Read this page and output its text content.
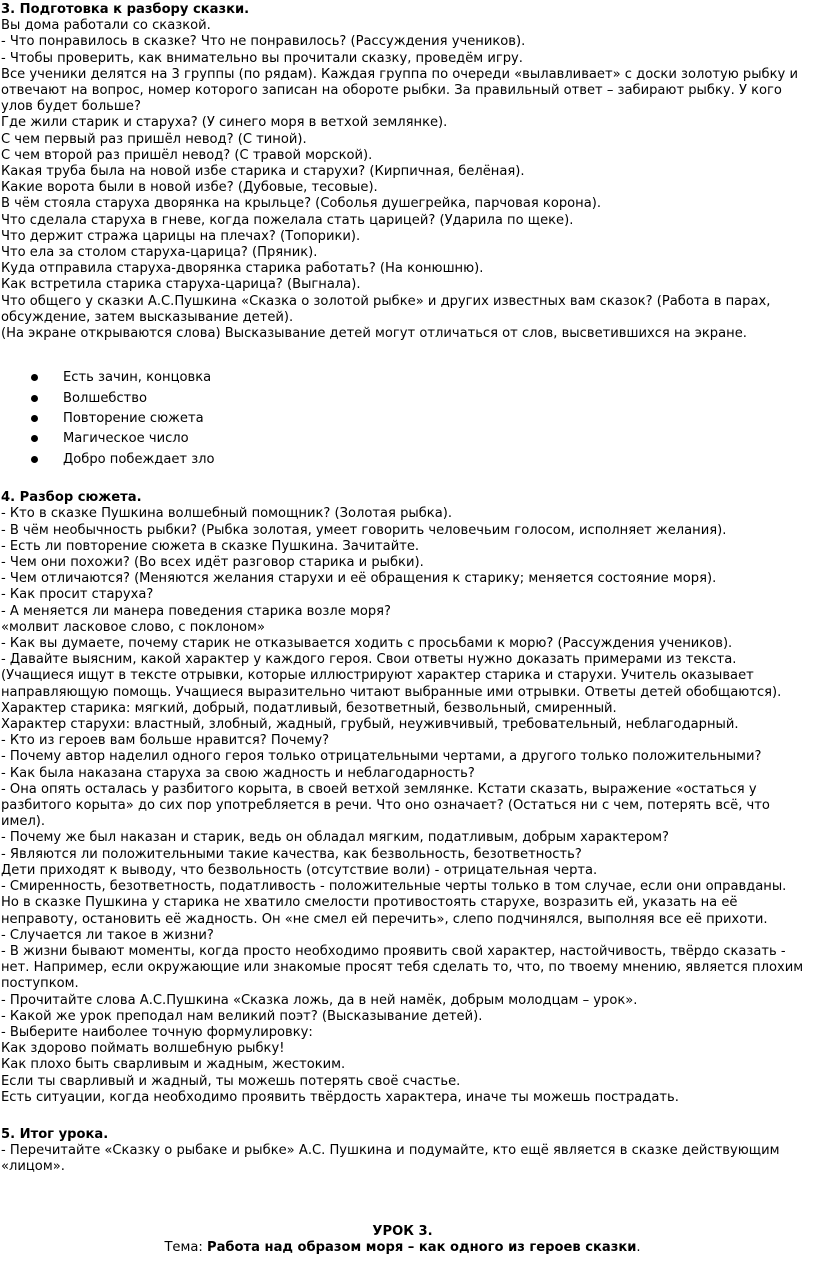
3. Подготовка к разбору сказки.

Вы дома работали со сказкой.

- Что понравилось в сказке? Что не понравилось? (Рассуждения учеников).

- Чтобы проверить, как внимательно вы прочитали сказку, проведём игру.

Все ученики делятся на 3 группы (по рядам). Каждая группа по очереди «вылавливает» с доски золотую рыбку и отвечают на вопрос, номер которого записан на обороте рыбки. За правильный ответ – забирают рыбку. У кого улов будет больше?

Где жили старик и старуха? (У синего моря в ветхой землянке).

С чем первый раз пришёл невод? (С тиной).

С чем второй раз пришёл невод? (С травой морской).

Какая труба была на новой избе старика и старухи? (Кирпичная, белёная).

Какие ворота были в новой избе? (Дубовые, тесовые).

В чём стояла старуха дворянка на крыльце? (Соболья душегрейка, парчовая корона).

Что сделала старуха в гневе, когда пожелала стать царицей? (Ударила по щеке).

Что держит стража царицы на плечах? (Топорики).

Что ела за столом старуха-царица? (Пряник).

Куда отправила старуха-дворянка старика работать? (На конюшню).

Как встретила старика старуха-царица? (Выгнала).

Что общего у сказки А.С.Пушкина «Сказка о золотой рыбке» и других известных вам сказок? (Работа в парах, обсуждение, затем высказывание детей).

(На экране открываются слова) Высказывание детей могут отличаться от слов, высветившихся на экране.

Есть зачин, концовка
Волшебство
Повторение сюжета
Магическое число
Добро побеждает зло

4. Разбор сюжета.

- Кто в сказке Пушкина волшебный помощник? (Золотая рыбка).

- В чём необычность рыбки? (Рыбка золотая, умеет говорить человечьим голосом, исполняет желания).

- Есть ли повторение сюжета в сказке Пушкина. Зачитайте.

- Чем они похожи? (Во всех идёт разговор старика и рыбки).

- Чем отличаются? (Меняются желания старухи и её обращения к старику; меняется состояние моря).

- Как просит старуха?

- А меняется ли манера поведения старика возле моря?

«молвит ласковое слово, с поклоном»

- Как вы думаете, почему старик не отказывается ходить с просьбами к морю? (Рассуждения учеников).

- Давайте выясним, какой характер у каждого героя. Свои ответы нужно доказать примерами из текста.

(Учащиеся ищут в тексте отрывки, которые иллюстрируют характер старика и старухи. Учитель оказывает направляющую помощь. Учащиеся выразительно читают выбранные ими отрывки. Ответы детей обобщаются).

Характер старика: мягкий, добрый, податливый, безответный, безвольный, смиренный.

Характер старухи: властный, злобный, жадный, грубый, неуживчивый, требовательный, неблагодарный.

- Кто из героев вам больше нравится? Почему?

- Почему автор наделил одного героя только отрицательными чертами, а другого только положительными?

- Как была наказана старуха за свою жадность и неблагодарность?

- Она опять осталась у разбитого корыта, в своей ветхой землянке. Кстати сказать, выражение «остаться у разбитого корыта» до сих пор употребляется в речи. Что оно означает? (Остаться ни с чем, потерять всё, что имел).

- Почему же был наказан и старик, ведь он обладал мягким, податливым, добрым характером?

- Являются ли положительными такие качества, как безвольность, безответность?

Дети приходят к выводу, что безвольность (отсутствие воли) - отрицательная черта.

- Смиренность, безответность, податливость - положительные черты только в том случае, если они оправданы. Но в сказке Пушкина у старика не хватило смелости противостоять старухе, возразить ей, указать на её неправоту, остановить её жадность. Он «не смел ей перечить», слепо подчинялся, выполняя все её прихоти.

- Случается ли такое в жизни?

- В жизни бывают моменты, когда просто необходимо проявить свой характер, настойчивость, твёрдо сказать - нет. Например, если окружающие или знакомые просят тебя сделать то, что, по твоему мнению, является плохим поступком.

- Прочитайте слова А.С.Пушкина «Сказка ложь, да в ней намёк, добрым молодцам – урок».

- Какой же урок преподал нам великий поэт? (Высказывание детей).

- Выберите наиболее точную формулировку:

Как здорово поймать волшебную рыбку!

Как плохо быть сварливым и жадным, жестоким.

Если ты сварливый и жадный, ты можешь потерять своё счастье.

Есть ситуации, когда необходимо проявить твёрдость характера, иначе ты можешь пострадать.

5. Итог урока.

- Перечитайте «Сказку о рыбаке и рыбке» А.С. Пушкина и подумайте, кто ещё является в сказке действующим «лицом».

УРОК 3.

Тема: Работа над образом моря – как одного из героев сказки.
